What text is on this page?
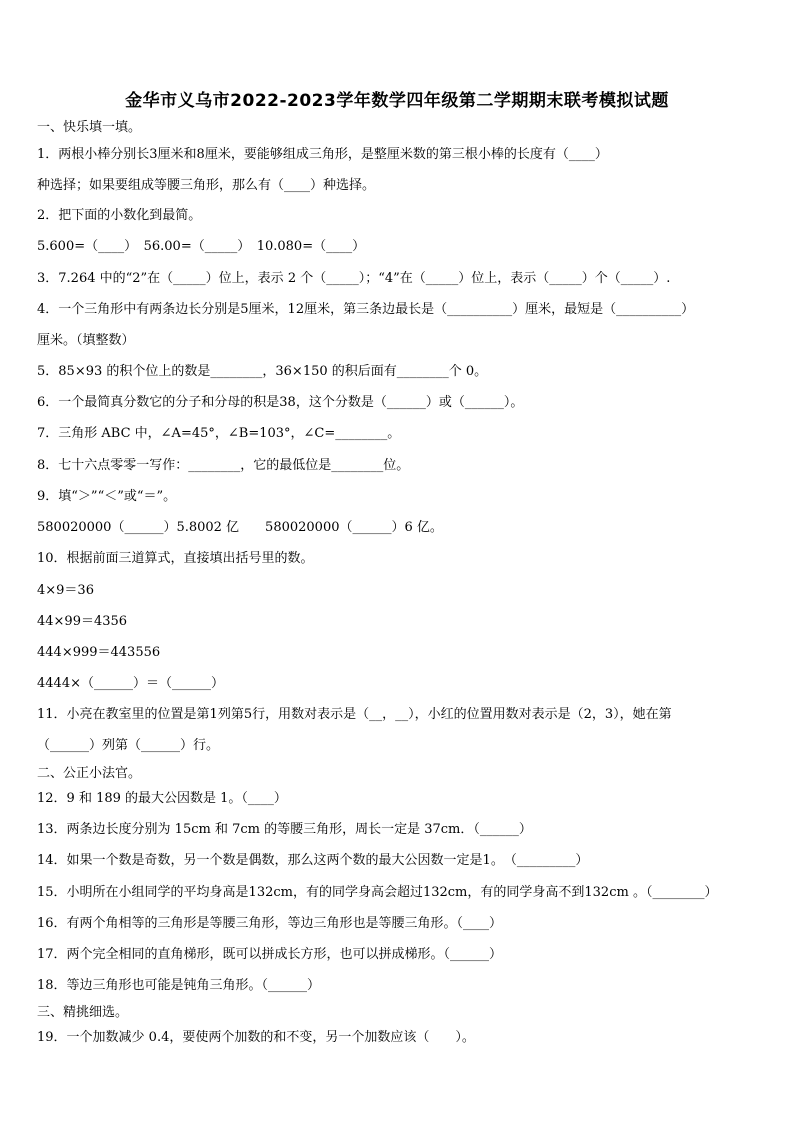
金华市义乌市2022-2023学年数学四年级第二学期期末联考模拟试题
一、快乐填一填。
1．两根小棒分别长3厘米和8厘米，要能够组成三角形，是整厘米数的第三根小棒的长度有（____）
种选择；如果要组成等腰三角形，那么有（____）种选择。
2．把下面的小数化到最简。
5.600=（____）　56.00=（_____）　10.080=（____）
3．7.264 中的“2”在（_____）位上，表示 2 个（_____）；“4”在（_____）位上，表示（_____）个（_____）.
4．一个三角形中有两条边长分别是5厘米，12厘米，第三条边最长是（__________）厘米，最短是（__________）
厘米。（填整数）
5．85×93 的积个位上的数是________，36×150 的积后面有________个 0。
6．一个最简真分数它的分子和分母的积是38，这个分数是（______）或（______）。
7．三角形 ABC 中，∠A=45°，∠B=103°，∠C=________。
8．七十六点零零一写作：________，它的最低位是________位。
9．填“＞”“＜”或“＝”。
580020000（______）5.8002 亿　　580020000（______）6 亿。
10．根据前面三道算式，直接填出括号里的数。
4×9＝36
44×99＝4356
444×999＝443556
4444×（______）＝（______）
11．小亮在教室里的位置是第1列第5行，用数对表示是（__，__），小红的位置用数对表示是（2，3），她在第
（______）列第（______）行。
二、公正小法官。
12．9 和 189 的最大公因数是 1。（____）
13．两条边长度分别为 15cm 和 7cm 的等腰三角形，周长一定是 37cm．（______）
14．如果一个数是奇数，另一个数是偶数，那么这两个数的最大公因数一定是1。　（_________）
15．小明所在小组同学的平均身高是132cm，有的同学身高会超过132cm，有的同学身高不到132cm 。（________）
16．有两个角相等的三角形是等腰三角形，等边三角形也是等腰三角形。（____）
17．两个完全相同的直角梯形，既可以拼成长方形，也可以拼成梯形。（______）
18．等边三角形也可能是钝角三角形。（______）
三、精挑细选。
19．一个加数减少 0.4，要使两个加数的和不变，另一个加数应该（　　）。
